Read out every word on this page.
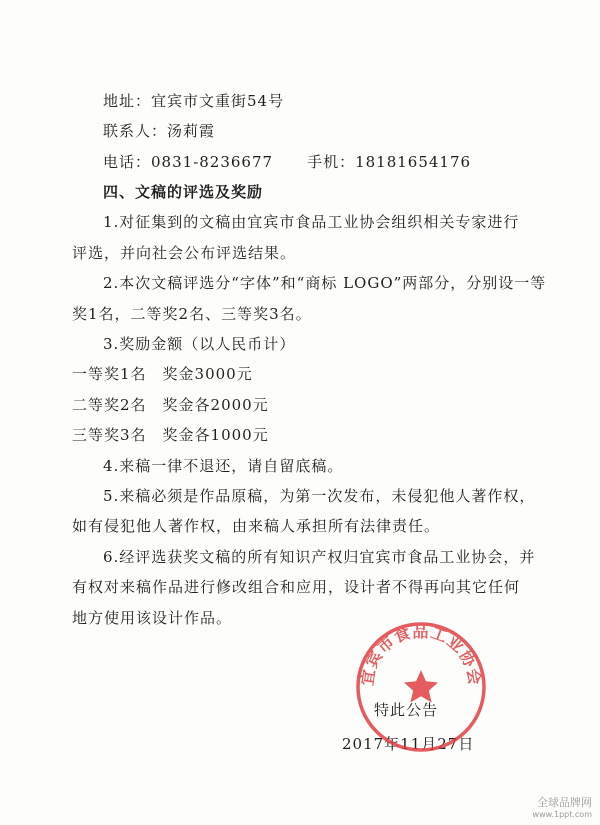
地址：宜宾市文重街54号
联系人：汤莉霞
电话：0831-8236677 手机：18181654176
四、文稿的评选及奖励
1.对征集到的文稿由宜宾市食品工业协会组织相关专家进行
评选，并向社会公布评选结果。
2.本次文稿评选分“字体”和“商标 LOGO”两部分，分别设一等
奖1名，二等奖2名、三等奖3名。
3.奖励金额（以人民币计）
一等奖1名 奖金3000元
二等奖2名 奖金各2000元
三等奖3名 奖金各1000元
4.来稿一律不退还，请自留底稿。
5.来稿必须是作品原稿，为第一次发布，未侵犯他人著作权，
如有侵犯他人著作权，由来稿人承担所有法律责任。
6.经评选获奖文稿的所有知识产权归宜宾市食品工业协会，并
有权对来稿作品进行修改组合和应用，设计者不得再向其它任何
地方使用该设计作品。
特此公告
2017年11月27日
宜宾市食品工业协会
全球品牌网
www.1ppt.com
